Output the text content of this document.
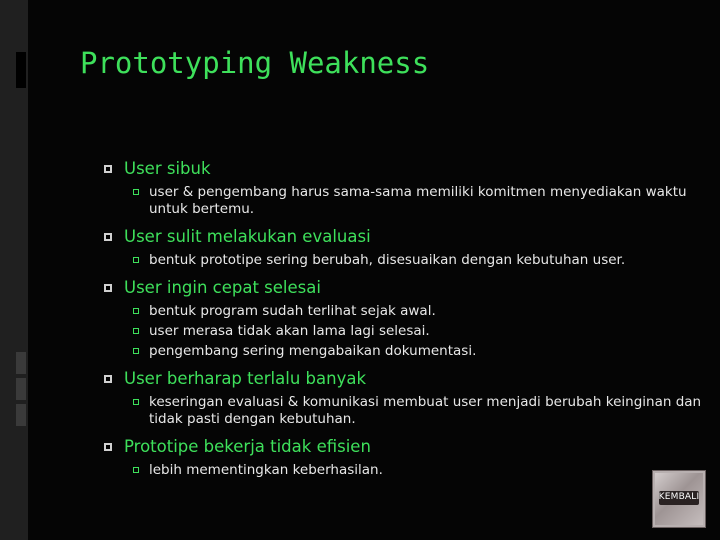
Prototyping Weakness
User sibuk
user & pengembang harus sama-sama memiliki komitmen menyediakan waktu untuk bertemu.
User sulit melakukan evaluasi
bentuk prototipe sering berubah, disesuaikan dengan kebutuhan user.
User ingin cepat selesai
bentuk program sudah terlihat sejak awal.
user merasa tidak akan lama lagi selesai.
pengembang sering mengabaikan dokumentasi.
User berharap terlalu banyak
keseringan evaluasi & komunikasi membuat user menjadi berubah keinginan dan tidak pasti dengan kebutuhan.
Prototipe bekerja tidak efisien
lebih mementingkan keberhasilan.
KEMBALI
